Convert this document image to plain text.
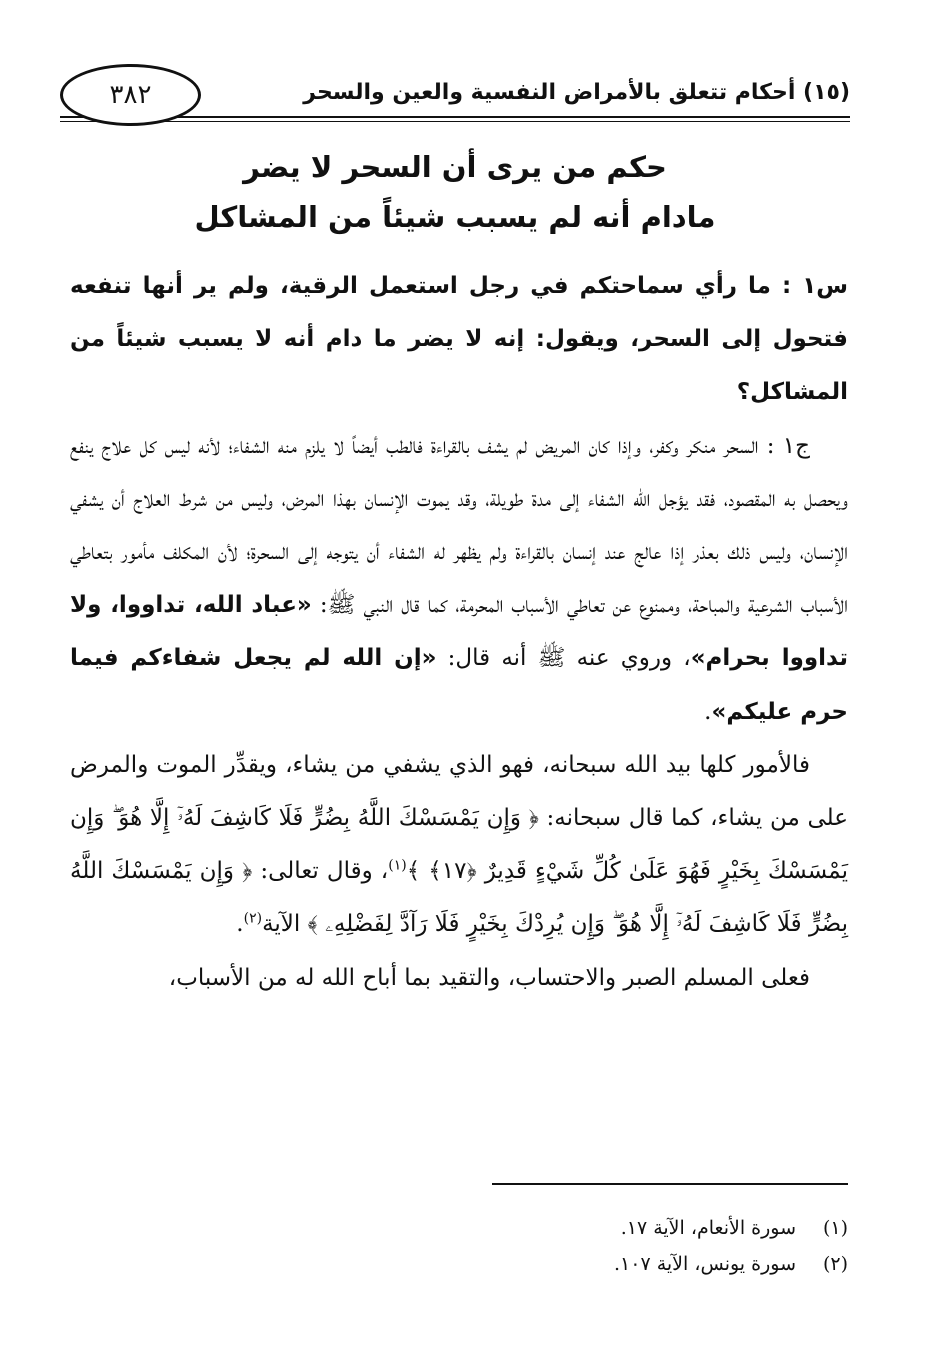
٣٨٢	(١٥) أحكام تتعلق بالأمراض النفسية والعين والسحر
حكم من يرى أن السحر لا يضر
مادام أنه لم يسبب شيئاً من المشاكل

س١ : ما رأي سماحتكم في رجل استعمل الرقية، ولم ير أنها تنفعه فتحول إلى السحر، ويقول: إنه لا يضر ما دام أنه لا يسبب شيئاً من المشاكل؟

ج١ : السحر منكر وكفر، وإذا كان المريض لم يشف بالقراءة فالطب أيضاً لا يلزم منه الشفاء؛ لأنه ليس كل علاج ينفع ويحصل به المقصود، فقد يؤجل الله الشفاء إلى مدة طويلة، وقد يموت الإنسان بهذا المرض، وليس من شرط العلاج أن يشفي الإنسان، وليس ذلك بعذر إذا عالج عند إنسان بالقراءة ولم يظهر له الشفاء أن يتوجه إلى السحرة؛ لأن المكلف مأمور بتعاطي الأسباب الشرعية والمباحة، وممنوع عن تعاطي الأسباب المحرمة، كما قال النبي ﷺ: «عباد الله، تداووا، ولا تداووا بحرام»، وروي عنه ﷺ أنه قال: «إن الله لم يجعل شفاءكم فيما حرم عليكم».

فالأمور كلها بيد الله سبحانه، فهو الذي يشفي من يشاء، ويقدِّر الموت والمرض على من يشاء، كما قال سبحانه: ﴿ وَإِن يَمْسَسْكَ اللَّهُ بِضُرٍّ فَلَا كَاشِفَ لَهُۥٓ إِلَّا هُوَ ۖ وَإِن يَمْسَسْكَ بِخَيْرٍ فَهُوَ عَلَىٰ كُلِّ شَيْءٍ قَدِيرٌ ﴿١٧﴾ ﴾$^{(١)}$، وقال تعالى: ﴿ وَإِن يَمْسَسْكَ اللَّهُ بِضُرٍّ فَلَا كَاشِفَ لَهُۥٓ إِلَّا هُوَ ۖ وَإِن يُرِدْكَ بِخَيْرٍ فَلَا رَآدَّ لِفَضْلِهِۦ ﴾ الآية$^{(٢)}$.

فعلى المسلم الصبر والاحتساب، والتقيد بما أباح الله له من الأسباب،

(١)
سورة الأنعام، الآية ١٧.
(٢)
سورة يونس، الآية ١٠٧.
